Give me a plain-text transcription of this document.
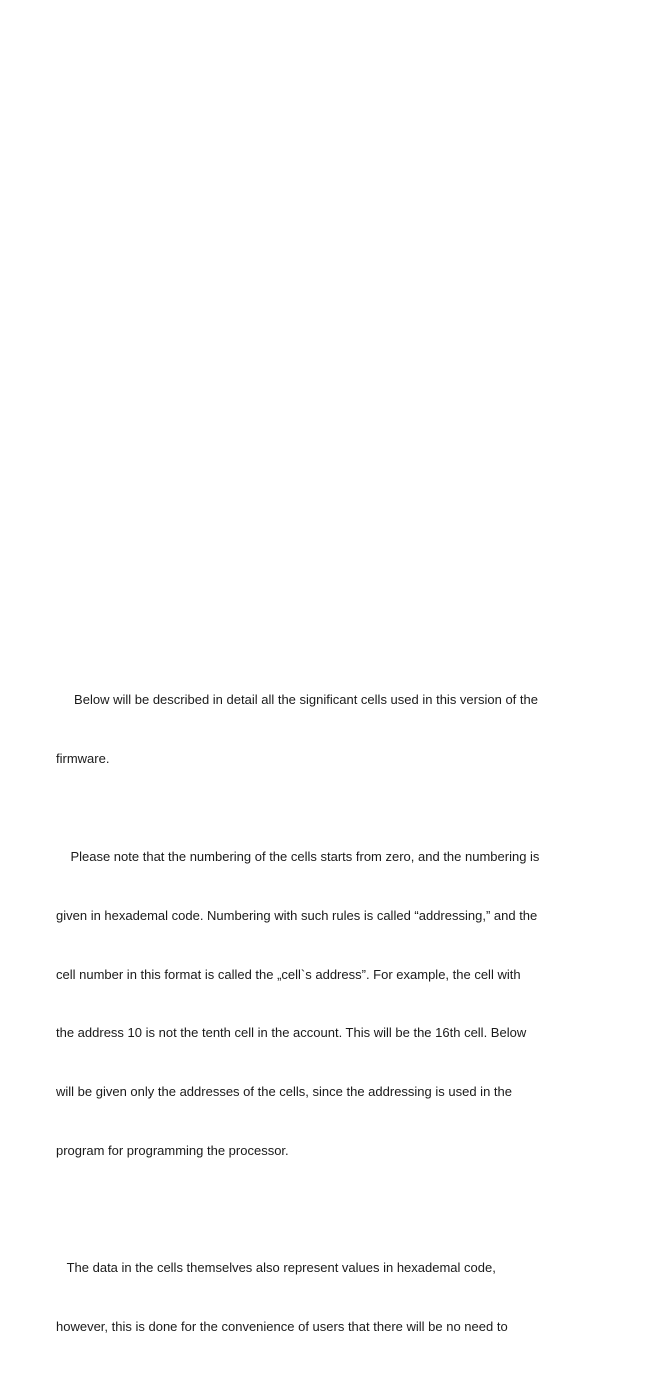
Below will be described in detail all the significant cells used in this version of the

firmware.

Please note that the numbering of the cells starts from zero, and the numbering is

given in hexademal code. Numbering with such rules is called “addressing,” and the

cell number in this format is called the „cell`s address”. For example, the cell with

the address 10 is not the tenth cell in the account. This will be the 16th cell. Below

will be given only the addresses of the cells, since the addressing is used in the

program for programming the processor.

The data in the cells themselves also represent values in hexademal code,

however, this is done for the convenience of users that there will be no need to
